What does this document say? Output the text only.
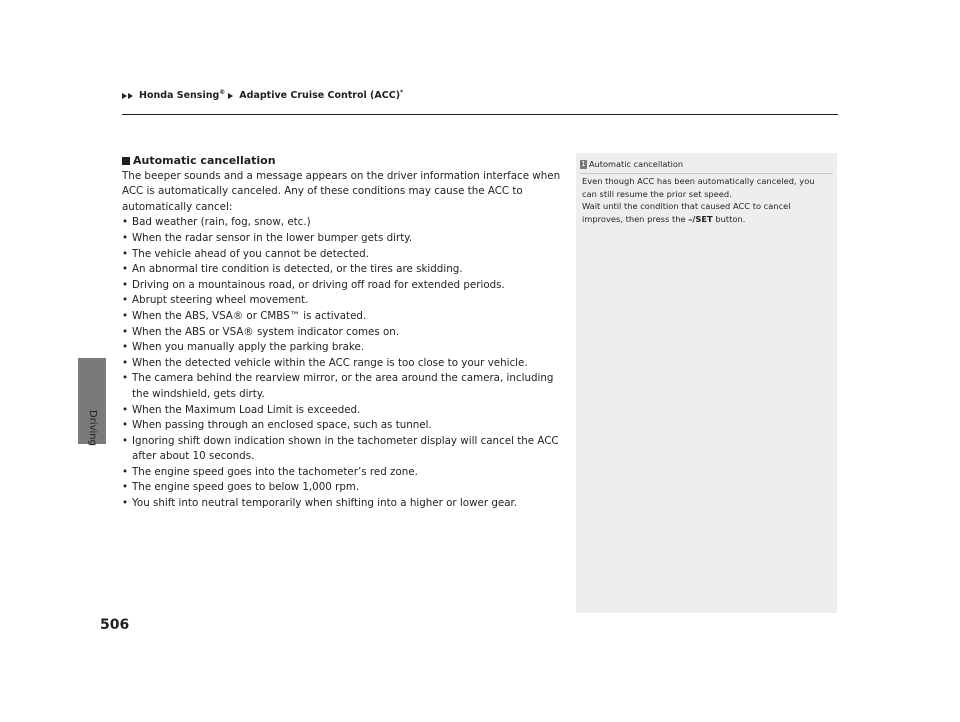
Honda Sensing® Adaptive Cruise Control (ACC)*
Driving
Automatic cancellation

The beeper sounds and a message appears on the driver information interface when ACC is automatically canceled. Any of these conditions may cause the ACC to automatically cancel:

• Bad weather (rain, fog, snow, etc.)
• When the radar sensor in the lower bumper gets dirty.
• The vehicle ahead of you cannot be detected.
• An abnormal tire condition is detected, or the tires are skidding.
• Driving on a mountainous road, or driving off road for extended periods.
• Abrupt steering wheel movement.
• When the ABS, VSA® or CMBS™ is activated.
• When the ABS or VSA® system indicator comes on.
• When you manually apply the parking brake.
• When the detected vehicle within the ACC range is too close to your vehicle.
• The camera behind the rearview mirror, or the area around the camera, including the windshield, gets dirty.
• When the Maximum Load Limit is exceeded.
• When passing through an enclosed space, such as tunnel.
• Ignoring shift down indication shown in the tachometer display will cancel the ACC after about 10 seconds.
• The engine speed goes into the tachometer’s red zone.
• The engine speed goes to below 1,000 rpm.
• You shift into neutral temporarily when shifting into a higher or lower gear.
1 Automatic cancellation

Even though ACC has been automatically canceled, you can still resume the prior set speed.

Wait until the condition that caused ACC to cancel improves, then press the –/SET button.

506
